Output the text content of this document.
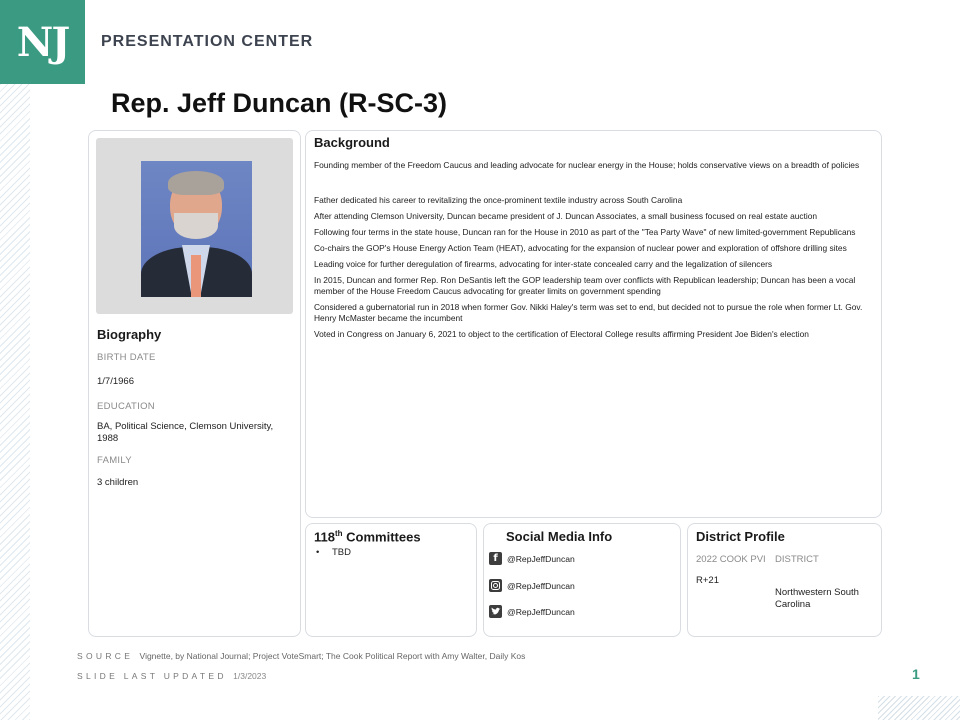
NJ PRESENTATION CENTER
Rep. Jeff Duncan (R-SC-3)
Biography
BIRTH DATE
1/7/1966
EDUCATION
BA, Political Science, Clemson University, 1988
FAMILY
3 children
Background
Founding member of the Freedom Caucus and leading advocate for nuclear energy in the House; holds conservative views on a breadth of policies
Father dedicated his career to revitalizing the once-prominent textile industry across South Carolina
After attending Clemson University, Duncan became president of J. Duncan Associates, a small business focused on real estate auction
Following four terms in the state house, Duncan ran for the House in 2010 as part of the "Tea Party Wave" of new limited-government Republicans
Co-chairs the GOP's House Energy Action Team (HEAT), advocating for the expansion of nuclear power and exploration of offshore drilling sites
Leading voice for further deregulation of firearms, advocating for inter-state concealed carry and the legalization of silencers
In 2015, Duncan and former Rep. Ron DeSantis left the GOP leadership team over conflicts with Republican leadership; Duncan has been a vocal member of the House Freedom Caucus advocating for greater limits on government spending
Considered a gubernatorial run in 2018 when former Gov. Nikki Haley's term was set to end, but decided not to pursue the role when former Lt. Gov. Henry McMaster became the incumbent
Voted in Congress on January 6, 2021 to object to the certification of Electoral College results affirming President Joe Biden's election
118th Committees
• TBD
Social Media Info
f	@RepJeffDuncan
@RepJeffDuncan
@RepJeffDuncan
District Profile
2022 COOK PVI
R+21
DISTRICT
Northwestern South Carolina
SOURCE Vignette, by National Journal; Project VoteSmart; The Cook Political Report with Amy Walter, Daily Kos
SLIDE LAST UPDATED 1/3/2023	1
